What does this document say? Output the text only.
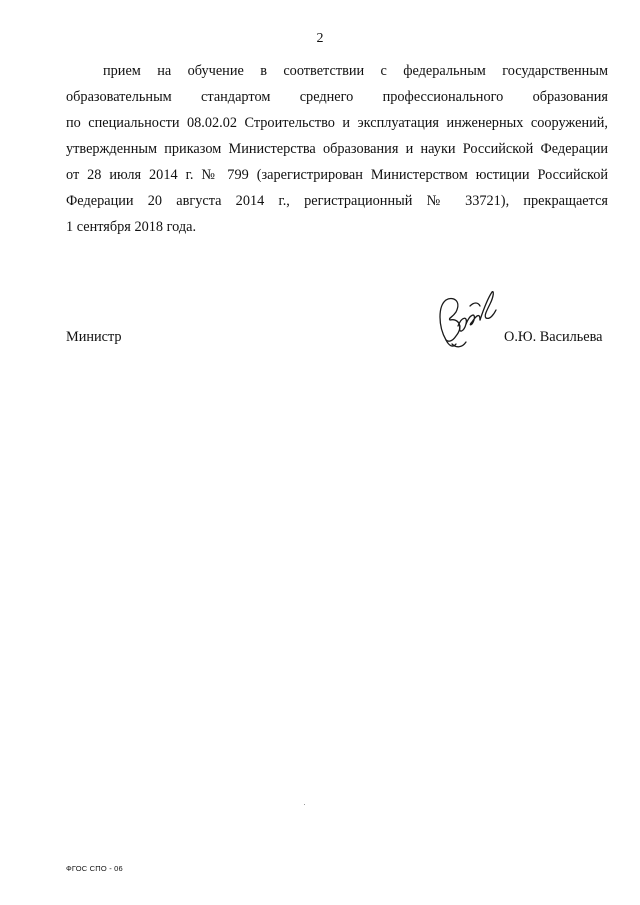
2
прием на обучение в соответствии с федеральным государственным
образовательным стандартом среднего профессионального образования
по специальности 08.02.02 Строительство и эксплуатация инженерных сооружений,
утвержденным приказом Министерства образования и науки Российской Федерации
от 28 июля 2014 г. № 799 (зарегистрирован Министерством юстиции Российской
Федерации 20 августа 2014 г., регистрационный № 33721), прекращается
1 сентября 2018 года.
Министр	О.Ю. Васильева
ФГОС СПО - 06
